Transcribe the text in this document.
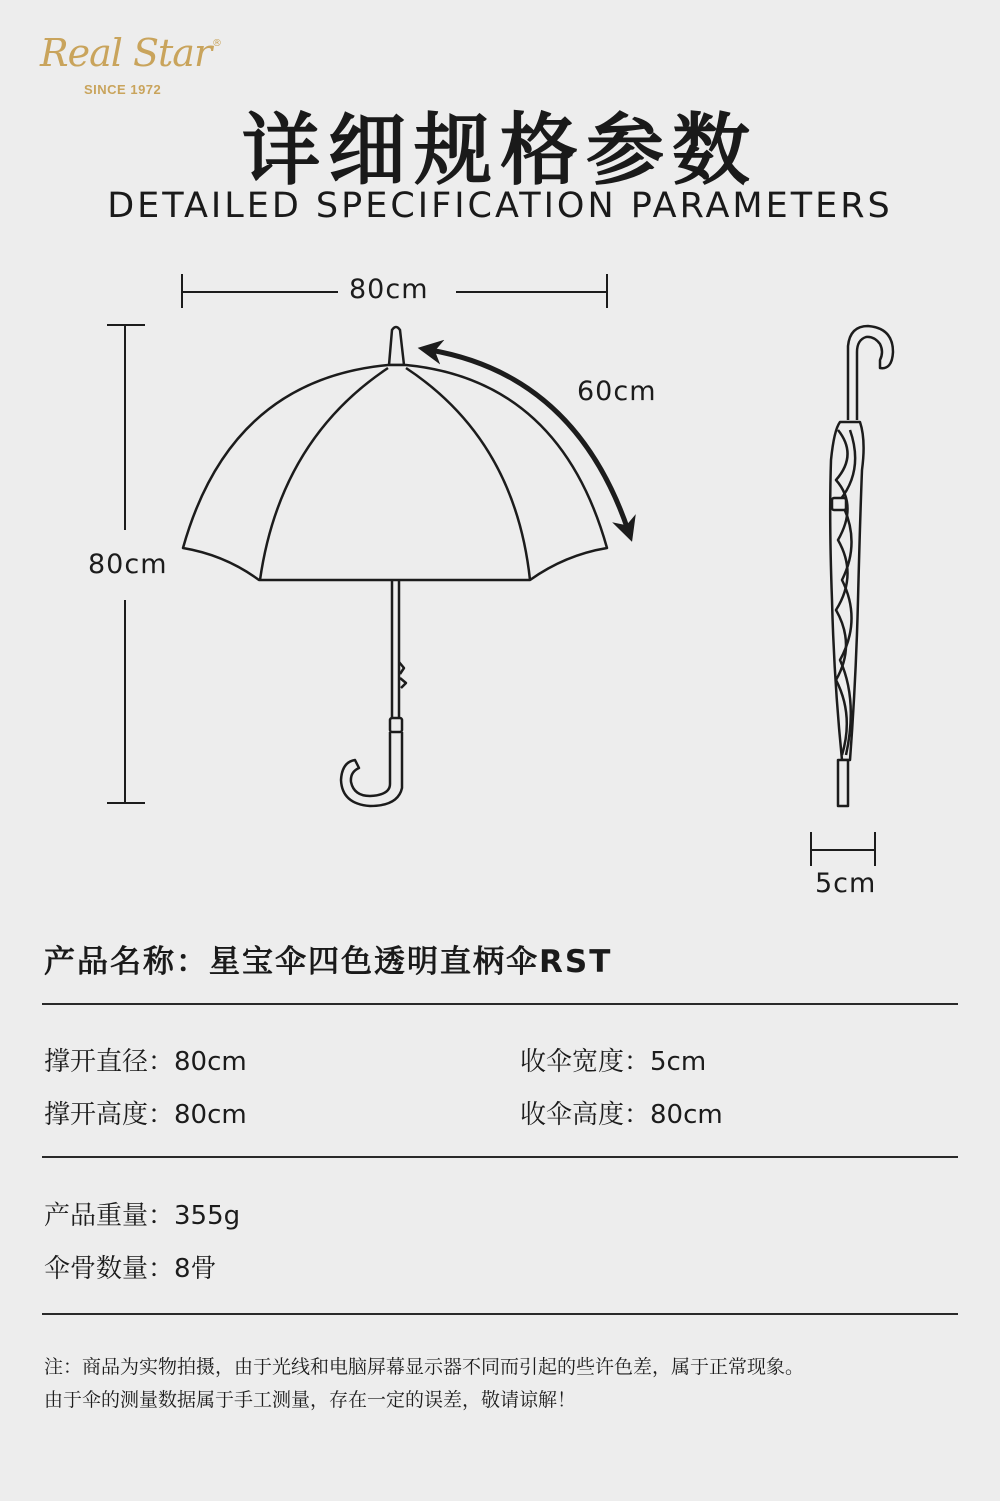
Real Star ®
SINCE 1972
详细规格参数
DETAILED SPECIFICATION PARAMETERS
80cm
80cm
60cm
5cm
产品名称：星宝伞四色透明直柄伞RST
撑开直径：80cm	收伞宽度：5cm
撑开高度：80cm	收伞高度：80cm
产品重量：355g
伞骨数量：8骨
注：商品为实物拍摄，由于光线和电脑屏幕显示器不同而引起的些许色差，属于正常现象。
由于伞的测量数据属于手工测量，存在一定的误差，敬请谅解！
